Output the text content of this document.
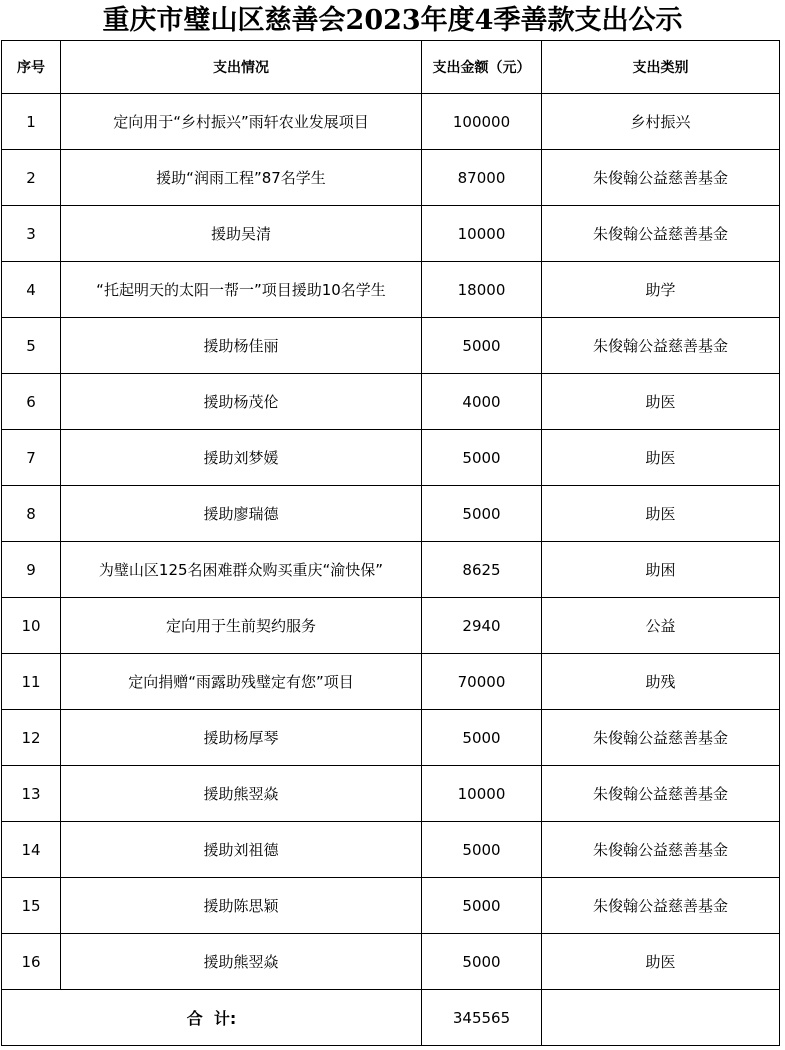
重庆市璧山区慈善会2023年度4季善款支出公示
序号	支出情况	支出金额（元）	支出类别
1	定向用于“乡村振兴”雨轩农业发展项目	100000	乡村振兴
2	援助“润雨工程”87名学生	87000	朱俊翰公益慈善基金
3	援助吴清	10000	朱俊翰公益慈善基金
4	“托起明天的太阳一帮一”项目援助10名学生	18000	助学
5	援助杨佳丽	5000	朱俊翰公益慈善基金
6	援助杨茂伦	4000	助医
7	援助刘梦媛	5000	助医
8	援助廖瑞德	5000	助医
9	为璧山区125名困难群众购买重庆“渝快保”	8625	助困
10	定向用于生前契约服务	2940	公益
11	定向捐赠“雨露助残璧定有您”项目	70000	助残
12	援助杨厚琴	5000	朱俊翰公益慈善基金
13	援助熊翌焱	10000	朱俊翰公益慈善基金
14	援助刘祖德	5000	朱俊翰公益慈善基金
15	援助陈思颖	5000	朱俊翰公益慈善基金
16	援助熊翌焱	5000	助医
合  计:		345565	
